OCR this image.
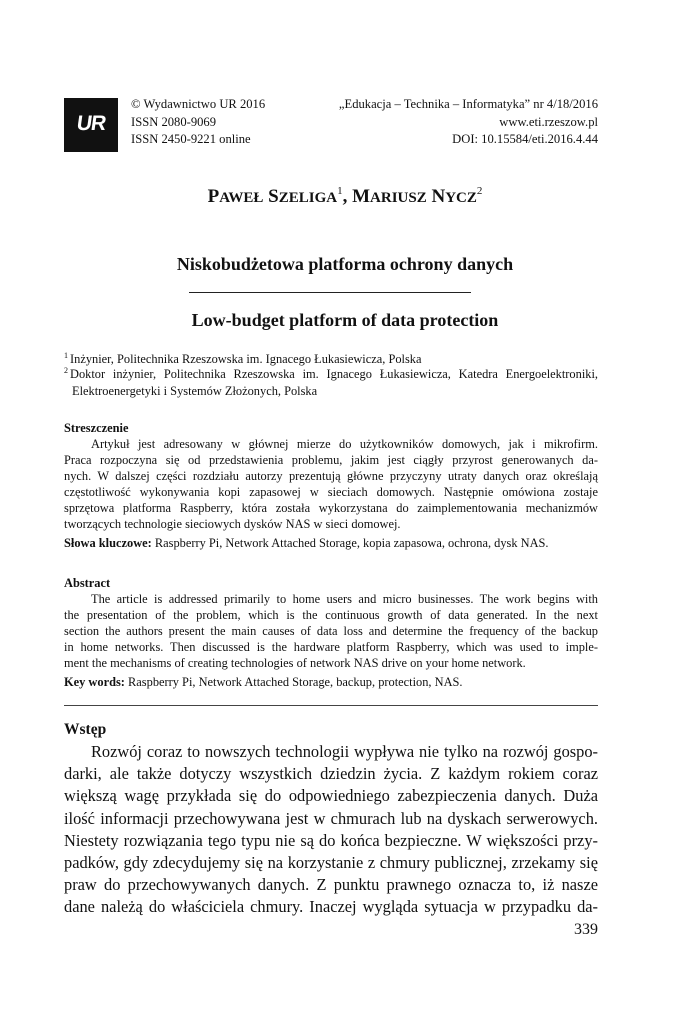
UR
© Wydawnictwo UR 2016
ISSN 2080-9069
ISSN 2450-9221 online
„Edukacja – Technika – Informatyka” nr 4/18/2016
www.eti.rzeszow.pl
DOI: 10.15584/eti.2016.4.44
PAWEŁ SZELIGA$^1$, MARIUSZ NYCZ$^2$
Niskobudżetowa platforma ochrony danych
Low-budget platform of data protection
$^1$ Inżynier, Politechnika Rzeszowska im. Ignacego Łukasiewicza, Polska
$^2$ Doktor inżynier, Politechnika Rzeszowska im. Ignacego Łukasiewicza, Katedra Energoelektroniki, Elektroenergetyki i Systemów Złożonych, Polska
Streszczenie
Artykuł jest adresowany w głównej mierze do użytkowników domowych, jak i mikrofirm.
Praca rozpoczyna się od przedstawienia problemu, jakim jest ciągły przyrost generowanych da-
nych. W dalszej części rozdziału autorzy prezentują główne przyczyny utraty danych oraz określają
częstotliwość wykonywania kopi zapasowej w sieciach domowych. Następnie omówiona zostaje
sprzętowa platforma Raspberry, która została wykorzystana do zaimplementowania mechanizmów
tworzących technologie sieciowych dysków NAS w sieci domowej.
Słowa kluczowe: Raspberry Pi, Network Attached Storage, kopia zapasowa, ochrona, dysk NAS.
Abstract
The article is addressed primarily to home users and micro businesses. The work begins with
the presentation of the problem, which is the continuous growth of data generated. In the next
section the authors present the main causes of data loss and determine the frequency of the backup
in home networks. Then discussed is the hardware platform Raspberry, which was used to imple-
ment the mechanisms of creating technologies of network NAS drive on your home network.
Key words: Raspberry Pi, Network Attached Storage, backup, protection, NAS.
Wstęp
Rozwój coraz to nowszych technologii wypływa nie tylko na rozwój gospo-
darki, ale także dotyczy wszystkich dziedzin życia. Z każdym rokiem coraz
większą wagę przykłada się do odpowiedniego zabezpieczenia danych. Duża
ilość informacji przechowywana jest w chmurach lub na dyskach serwerowych.
Niestety rozwiązania tego typu nie są do końca bezpieczne. W większości przy-
padków, gdy zdecydujemy się na korzystanie z chmury publicznej, zrzekamy się
praw do przechowywanych danych. Z punktu prawnego oznacza to, iż nasze
dane należą do właściciela chmury. Inaczej wygląda sytuacja w przypadku da-
339
